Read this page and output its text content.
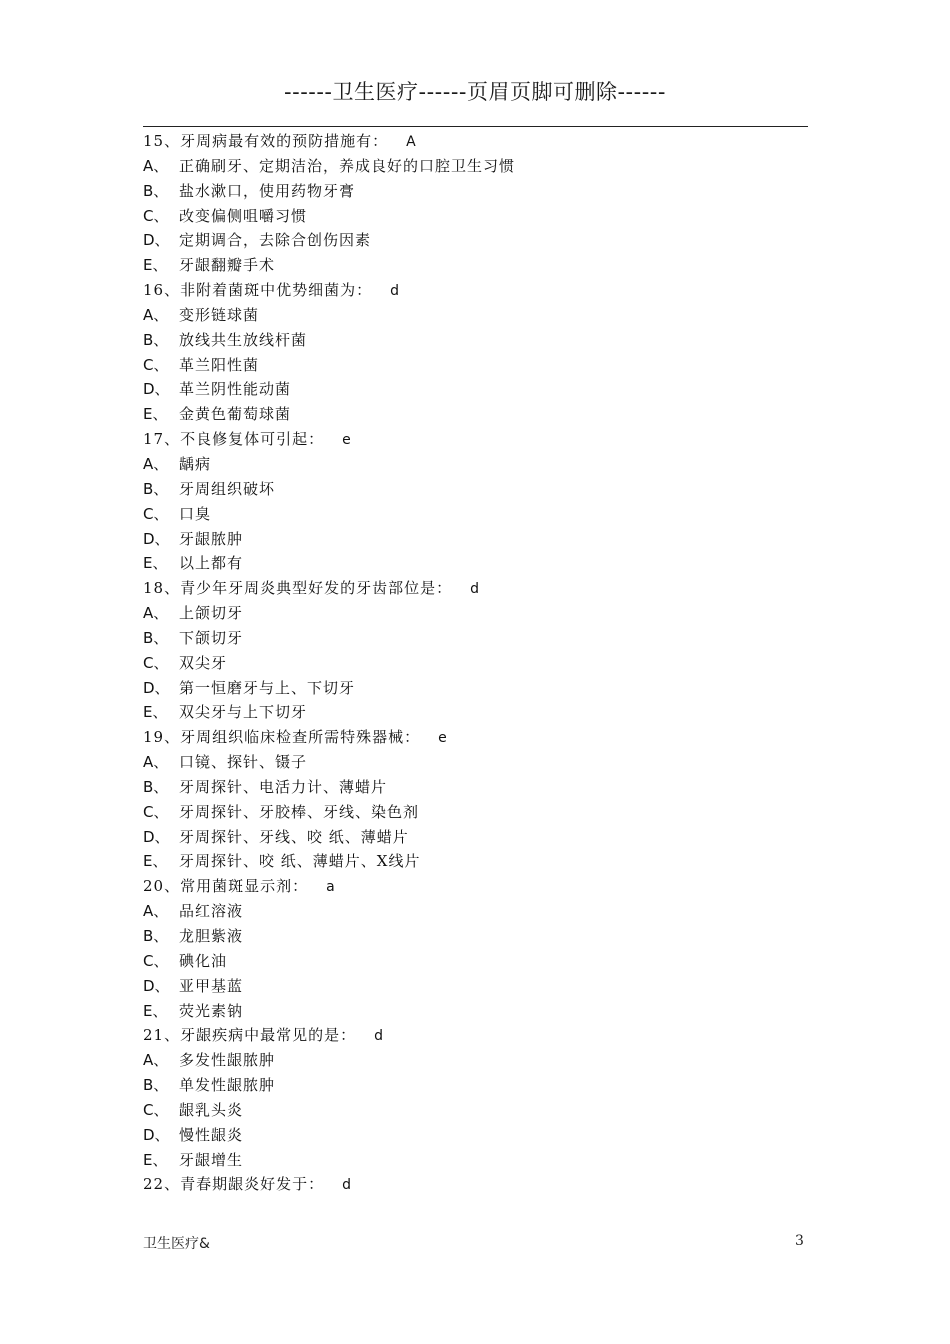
------卫生医疗------页眉页脚可删除------
15、牙周病最有效的预防措施有： A
A、 正确刷牙、定期洁治，养成良好的口腔卫生习惯
B、 盐水漱口，使用药物牙膏
C、 改变偏侧咀嚼习惯
D、 定期调合，去除合创伤因素
E、 牙龈翻瓣手术
16、非附着菌斑中优势细菌为： d
A、 变形链球菌
B、 放线共生放线杆菌
C、 革兰阳性菌
D、 革兰阴性能动菌
E、 金黄色葡萄球菌
17、不良修复体可引起： e
A、 龋病
B、 牙周组织破坏
C、 口臭
D、 牙龈脓肿
E、 以上都有
18、青少年牙周炎典型好发的牙齿部位是： d
A、 上颌切牙
B、 下颌切牙
C、 双尖牙
D、 第一恒磨牙与上、下切牙
E、 双尖牙与上下切牙
19、牙周组织临床检查所需特殊器械： e
A、 口镜、探针、镊子
B、 牙周探针、电活力计、薄蜡片
C、 牙周探针、牙胶棒、牙线、染色剂
D、 牙周探针、牙线、咬 纸、薄蜡片
E、 牙周探针、咬 纸、薄蜡片、X线片
20、常用菌斑显示剂： a
A、 品红溶液
B、 龙胆紫液
C、 碘化油
D、 亚甲基蓝
E、 荧光素钠
21、牙龈疾病中最常见的是： d
A、 多发性龈脓肿
B、 单发性龈脓肿
C、 龈乳头炎
D、 慢性龈炎
E、 牙龈增生
22、青春期龈炎好发于： d
卫生医疗&	3
